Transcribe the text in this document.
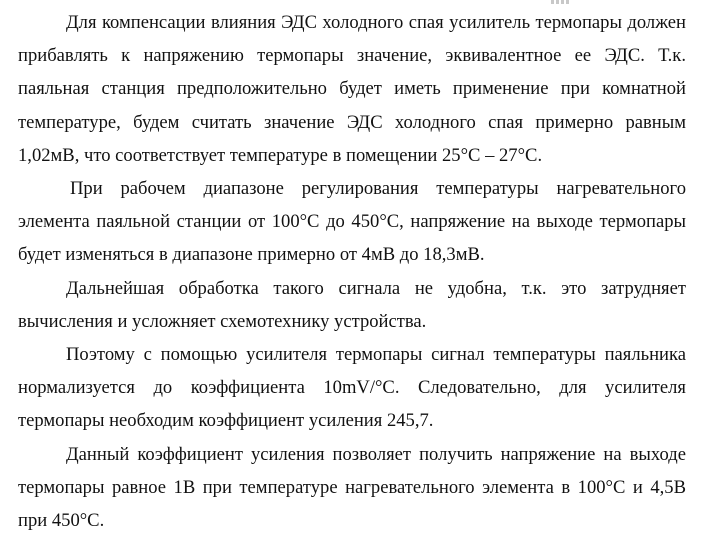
Для компенсации влияния ЭДС холодного спая усилитель термопары должен прибавлять к напряжению термопары значение, эквивалентное ее ЭДС. Т.к. паяльная станция предположительно будет иметь применение при комнатной температуре, будем считать значение ЭДС холодного спая примерно равным 1,02мВ, что соответствует температуре в помещении 25°С – 27°С.

При рабочем диапазоне регулирования температуры нагревательного элемента паяльной станции от 100°С до 450°С, напряжение на выходе термопары будет изменяться в диапазоне примерно от 4мВ до 18,3мВ.

Дальнейшая обработка такого сигнала не удобна, т.к. это затрудняет вычисления и усложняет схемотехнику устройства.

Поэтому с помощью усилителя термопары сигнал температуры паяльника нормализуется до коэффициента 10mV/°С. Следовательно, для усилителя термопары необходим коэффициент усиления 245,7.

Данный коэффициент усиления позволяет получить напряжение на выходе термопары равное 1В при температуре нагревательного элемента в 100°С и 4,5В при 450°С.
